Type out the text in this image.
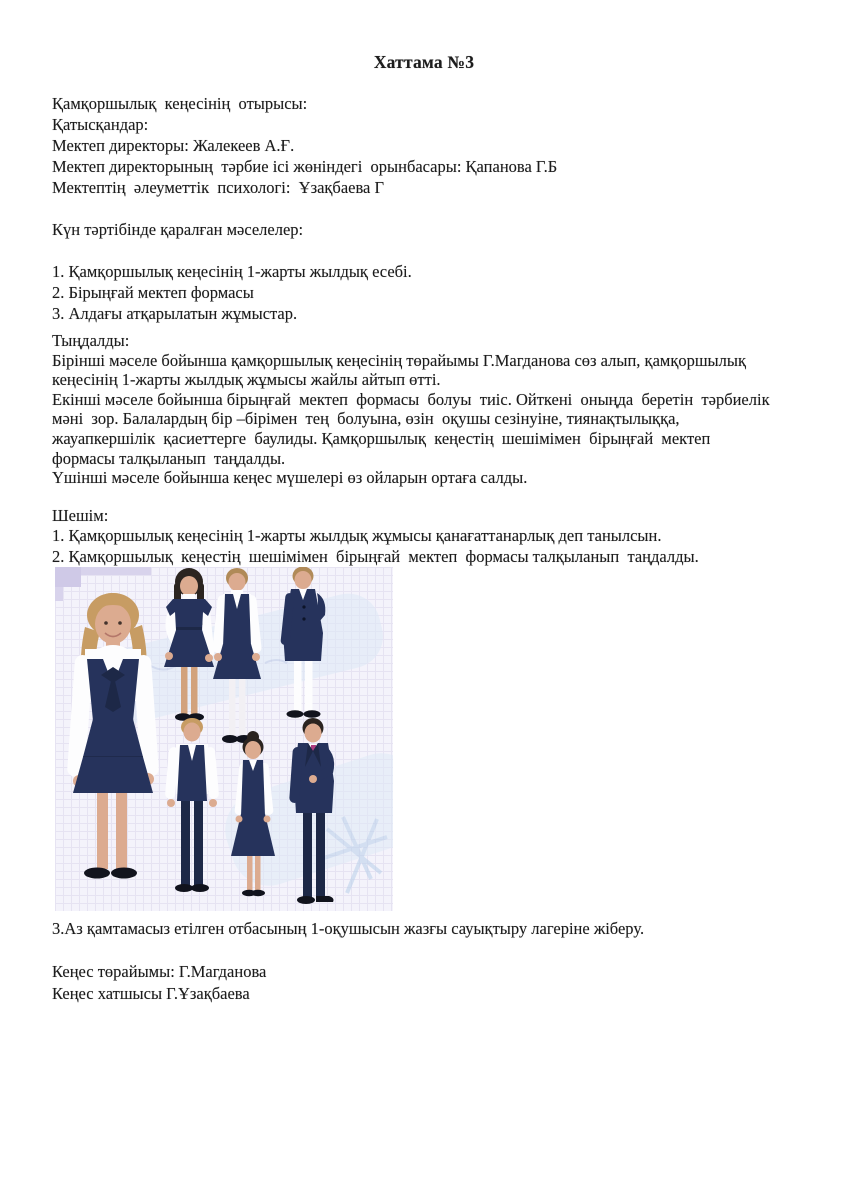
Хаттама №3
Қамқоршылық  кеңесінің  отырысы:
Қатысқандар:
Мектеп директоры: Жалекеев А.Ғ.
Мектеп директорының  тәрбие ісі жөніндегі  орынбасары: Қапанова Г.Б
Мектептің  әлеуметтік  психологі:  Ұзақбаева Г
Күн тәртібінде қаралған мәселелер:
1. Қамқоршылық кеңесінің 1-жарты жылдық есебі.
2. Бірыңғай мектеп формасы
3. Алдағы атқарылатын жұмыстар.
Тыңдалды:
Бірінші мәселе бойынша қамқоршылық кеңесінің төрайымы Г.Магданова сөз алып, қамқоршылық
кеңесінің 1-жарты жылдық жұмысы жайлы айтып өтті.
Екінші мәселе бойынша бірыңғай  мектеп  формасы  болуы  тиіс. Ойткені  оныңда  беретін  тәрбиелік
мәні  зор. Балалардың бір –бірімен  тең  болуына, өзін  оқушы сезінуіне, тиянақтылыққа,
жауапкершілік  қасиеттерге  баулиды. Қамқоршылық  кеңестің  шешімімен  бірыңғай  мектеп
формасы талқыланып  таңдалды.
Үшінші мәселе бойынша кеңес мүшелері өз ойларын ортаға салды.
Шешім:
1. Қамқоршылық кеңесінің 1-жарты жылдық жұмысы қанағаттанарлық деп танылсын.
2. Қамқоршылық  кеңестің  шешімімен  бірыңғай  мектеп  формасы талқыланып  таңдалды.
3.Аз қамтамасыз етілген отбасының 1-оқушысын жазғы сауықтыру лагеріне жіберу.
Кеңес төрайымы: Г.Магданова
Кеңес хатшысы Г.Ұзақбаева
